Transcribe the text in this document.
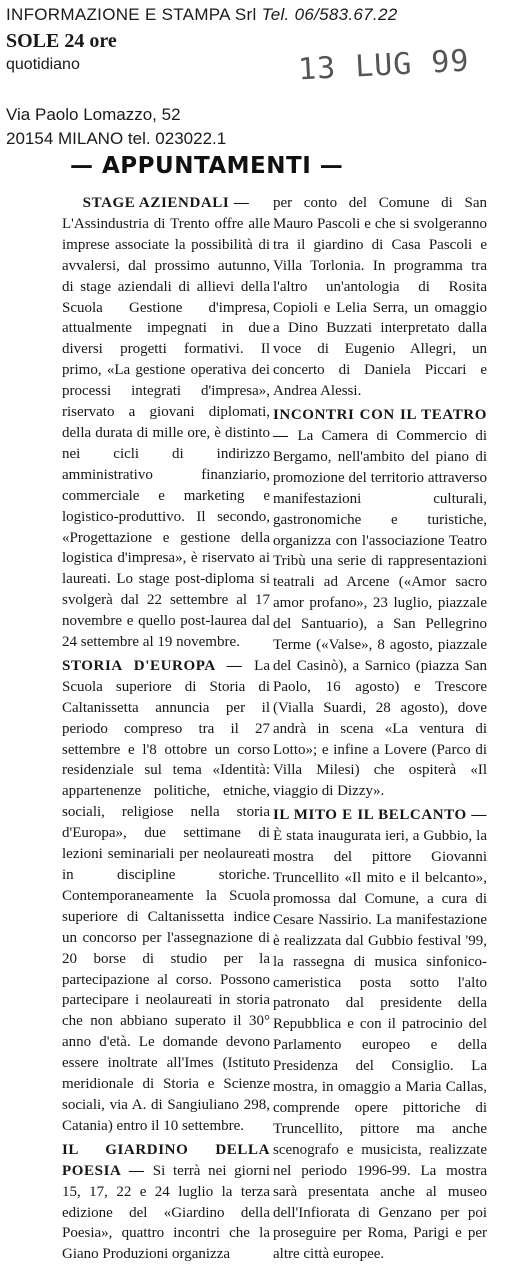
INFORMAZIONE E STAMPA Srl Tel. 06/583.67.22
SOLE 24 ore
quotidiano	13 LUG 99
Via Paolo Lomazzo, 52
20154 MILANO tel. 023022.1
— APPUNTAMENTI —

STAGE AZIENDALI —
L'Assindustria di Trento offre alle imprese associate la possibilità di avvalersi, dal prossimo autunno, di stage aziendali di allievi della Scuola Gestione d'impresa, attualmente impegnati in due diversi progetti formativi. Il primo, «La gestione operativa dei processi integrati d'impresa», riservato a giovani diplomati, della durata di mille ore, è distinto nei cicli di indirizzo amministrativo finanziario, commerciale e marketing e logistico-produttivo. Il secondo, «Progettazione e gestione della logistica d'impresa», è riservato ai laureati. Lo stage post-diploma si svolgerà dal 22 settembre al 17 novembre e quello post-laurea dal 24 settembre al 19 novembre.

STORIA D'EUROPA — La Scuola superiore di Storia di Caltanissetta annuncia per il periodo compreso tra il 27 settembre e l'8 ottobre un corso residenziale sul tema «Identità: appartenenze politiche, etniche, sociali, religiose nella storia d'Europa», due settimane di lezioni seminariali per neolaureati in discipline storiche. Contemporaneamente la Scuola superiore di Caltanissetta indice un concorso per l'assegnazione di 20 borse di studio per la partecipazione al corso. Possono partecipare i neolaureati in storia che non abbiano superato il 30° anno d'età. Le domande devono essere inoltrate all'Imes (Istituto meridionale di Storia e Scienze sociali, via A. di Sangiuliano 298, Catania) entro il 10 settembre.

IL GIARDINO DELLA POESIA — Si terrà nei giorni 15, 17, 22 e 24 luglio la terza edizione del «Giardino della Poesia», quattro incontri che la Giano Produzioni organizza

per conto del Comune di San Mauro Pascoli e che si svolgeranno tra il giardino di Casa Pascoli e Villa Torlonia. In programma tra l'altro un'antologia di Rosita Copioli e Lelia Serra, un omaggio a Dino Buzzati interpretato dalla voce di Eugenio Allegri, un concerto di Daniela Piccari e Andrea Alessi.

INCONTRI CON IL TEATRO — La Camera di Commercio di Bergamo, nell'ambito del piano di promozione del territorio attraverso manifestazioni culturali, gastronomiche e turistiche, organizza con l'associazione Teatro Tribù una serie di rappresentazioni teatrali ad Arcene («Amor sacro amor profano», 23 luglio, piazzale del Santuario), a San Pellegrino Terme («Valse», 8 agosto, piazzale del Casinò), a Sarnico (piazza San Paolo, 16 agosto) e Trescore (Vialla Suardi, 28 agosto), dove andrà in scena «La ventura di Lotto»; e infine a Lovere (Parco di Villa Milesi) che ospiterà «Il viaggio di Dizzy».

IL MITO E IL BELCANTO — È stata inaugurata ieri, a Gubbio, la mostra del pittore Giovanni Truncellito «Il mito e il belcanto», promossa dal Comune, a cura di Cesare Nassirio. La manifestazione è realizzata dal Gubbio festival '99, la rassegna di musica sinfonico-cameristica posta sotto l'alto patronato dal presidente della Repubblica e con il patrocinio del Parlamento europeo e della Presidenza del Consiglio. La mostra, in omaggio a Maria Callas, comprende opere pittoriche di Truncellito, pittore ma anche scenografo e musicista, realizzate nel periodo 1996-99. La mostra sarà presentata anche al museo dell'Infiorata di Genzano per poi proseguire per Roma, Parigi e per altre città europee.
